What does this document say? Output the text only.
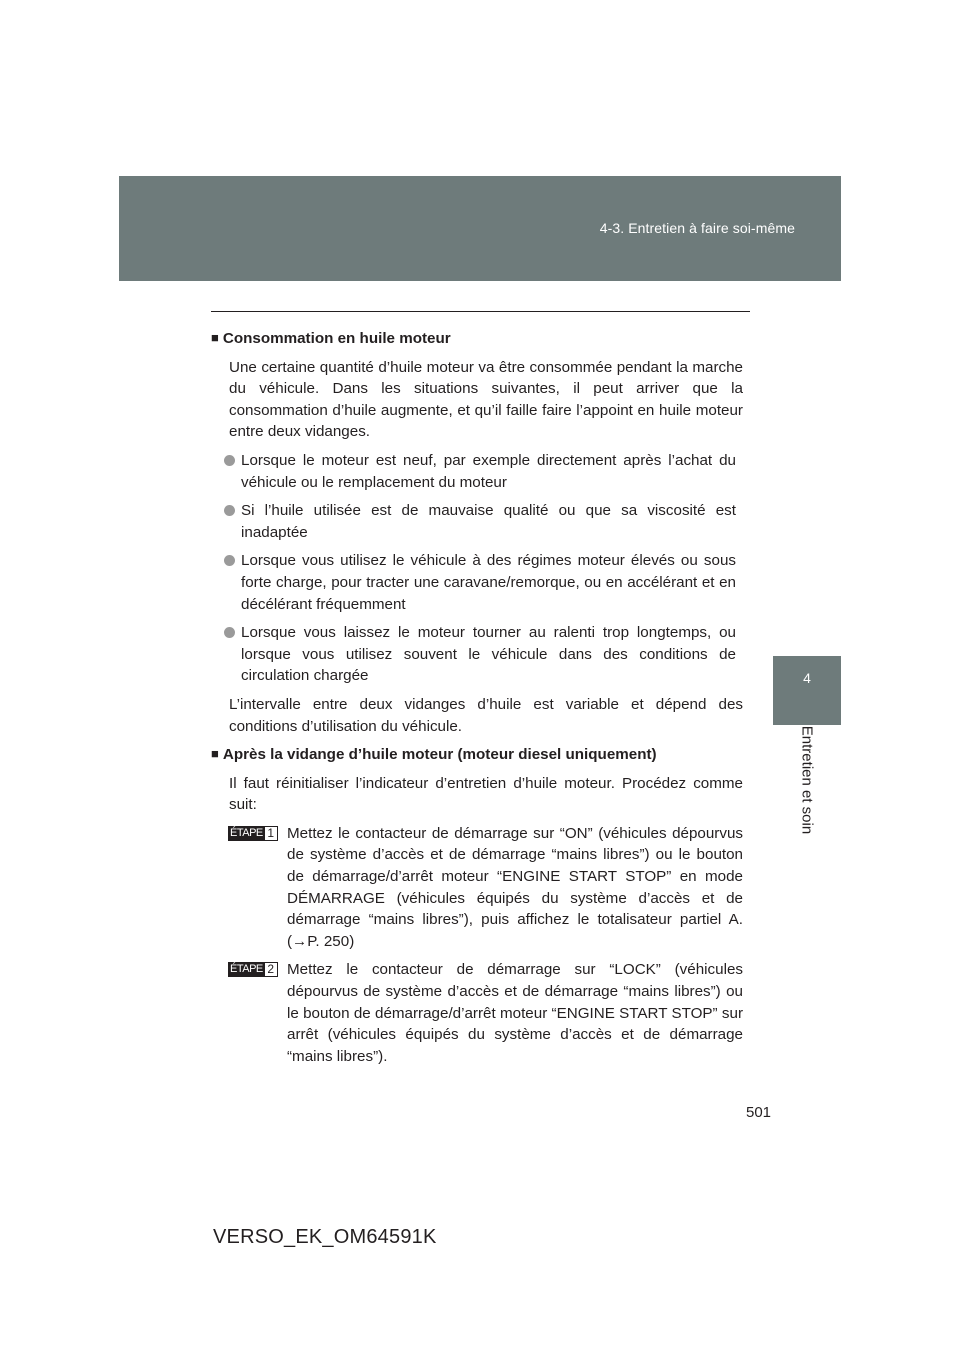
4-3. Entretien à faire soi-même
4
Entretien et soin
■ Consommation en huile moteur
Une certaine quantité d’huile moteur va être consommée pendant la marche du véhicule. Dans les situations suivantes, il peut arriver que la consommation d’huile augmente, et qu’il faille faire l’appoint en huile moteur entre deux vidanges.
Lorsque le moteur est neuf, par exemple directement après l’achat du véhicule ou le remplacement du moteur
Si l’huile utilisée est de mauvaise qualité ou que sa viscosité est inadaptée
Lorsque vous utilisez le véhicule à des régimes moteur élevés ou sous forte charge, pour tracter une caravane/remorque, ou en accélérant et en décélérant fréquemment
Lorsque vous laissez le moteur tourner au ralenti trop longtemps, ou lorsque vous utilisez souvent le véhicule dans des conditions de circulation chargée
L’intervalle entre deux vidanges d’huile est variable et dépend des conditions d’utilisation du véhicule.
■ Après la vidange d’huile moteur (moteur diesel uniquement)
Il faut réinitialiser l’indicateur d’entretien d’huile moteur. Procédez comme suit:
ÉTAPE 1 Mettez le contacteur de démarrage sur “ON” (véhicules dépourvus de système d’accès et de démarrage “mains libres”) ou le bouton de démarrage/d’arrêt moteur “ENGINE START STOP” en mode DÉMARRAGE (véhicules équipés du système d’accès et de démarrage “mains libres”), puis affichez le totalisateur partiel A. (→P. 250)
ÉTAPE 2 Mettez le contacteur de démarrage sur “LOCK” (véhicules dépourvus de système d’accès et de démarrage “mains libres”) ou le bouton de démarrage/d’arrêt moteur “ENGINE START STOP” sur arrêt (véhicules équipés du système d’accès et de démarrage “mains libres”).
501
VERSO_EK_OM64591K
